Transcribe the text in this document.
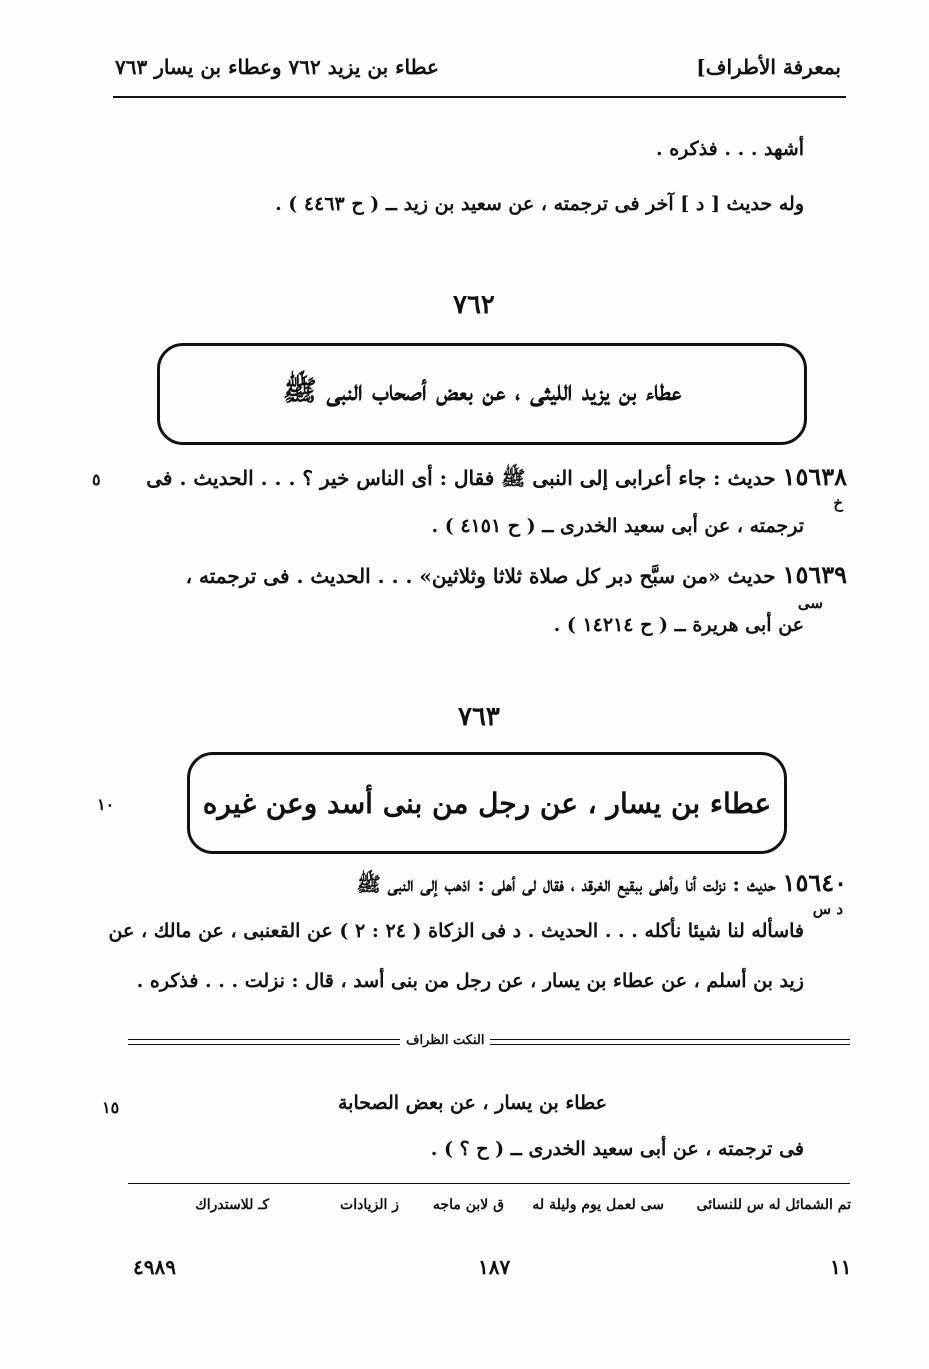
عطاء بن يزيد ٧٦٢ وعطاء بن يسار ٧٦٣	بمعرفة الأطراف]
أشهد . . . فذكره .
وله حديث [ د ] آخر فى ترجمته ، عن سعيد بن زيد ــ ( ح ٤٤٦٣ ) .
٧٦٢
عطاء بن يزيد الليثى ، عن بعض أصحاب النبى ﷺ
١٥٦٣٨ حديث : جاء أعرابى إلى النبى ﷺ فقال : أى الناس خير ؟ . . . الحديث . فى
٥
خ
ترجمته ، عن أبى سعيد الخدرى ــ ( ح ٤١٥١ ) .
١٥٦٣٩ حديث «من سبَّح دبر كل صلاة ثلاثا وثلاثين» . . . الحديث . فى ترجمته ،
سى
عن أبى هريرة ــ ( ح ١٤٢١٤ ) .
٧٦٣
عطاء بن يسار ، عن رجل من بنى أسد وعن غيره
١٠
١٥٦٤٠ حديث : نزلت أنا وأهلى ببقيع الغرقد ، فقال لى أهلى : اذهب إلى النبى ﷺ
د س
فاسأله لنا شيئا نأكله . . . الحديث . د فى الزكاة ( ٢٤ : ٢ ) عن القعنبى ، عن مالك ، عن
زيد بن أسلم ، عن عطاء بن يسار ، عن رجل من بنى أسد ، قال : نزلت . . . فذكره .
النكت الظراف
عطاء بن يسار ، عن بعض الصحابة
١٥
فى ترجمته ، عن أبى سعيد الخدرى ــ ( ح ؟ ) .
تم الشمائل له
س للنسائى
سى لعمل يوم وليلة له
ق لابن ماجه
ز الزيادات
كـ للاستدراك
٤٩٨٩	١٨٧	١١
